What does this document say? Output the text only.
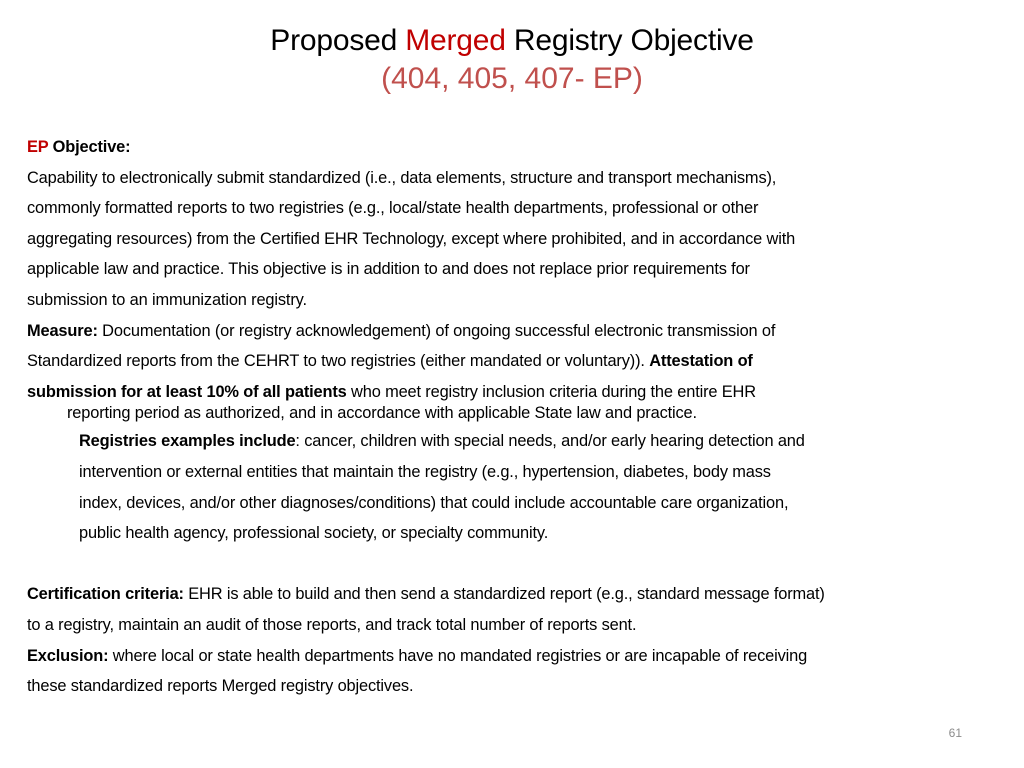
Proposed Merged Registry Objective
(404, 405, 407- EP)
EP Objective:
Capability to electronically submit standardized (i.e., data elements, structure and transport mechanisms),
commonly formatted reports to two registries (e.g., local/state health departments, professional or other
aggregating resources) from the Certified EHR Technology, except where prohibited, and in accordance with
applicable law and practice. This objective is in addition to and does not replace prior requirements for
submission to an immunization registry.
Measure: Documentation (or registry acknowledgement) of ongoing successful electronic transmission of
Standardized reports from the CEHRT to two registries (either mandated or voluntary)). Attestation of
submission for at least 10% of all patients who meet registry inclusion criteria during the entire EHR
reporting period as authorized, and in accordance with applicable State law and practice.
Registries examples include: cancer, children with special needs, and/or early hearing detection and
intervention or external entities that maintain the registry (e.g., hypertension, diabetes, body mass
index, devices, and/or other diagnoses/conditions) that could include accountable care organization,
public health agency, professional society, or specialty community.
Certification criteria: EHR is able to build and then send a standardized report (e.g., standard message format)
to a registry, maintain an audit of those reports, and track total number of reports sent.
Exclusion: where local or state health departments have no mandated registries or are incapable of receiving
these standardized reports Merged registry objectives.
61
